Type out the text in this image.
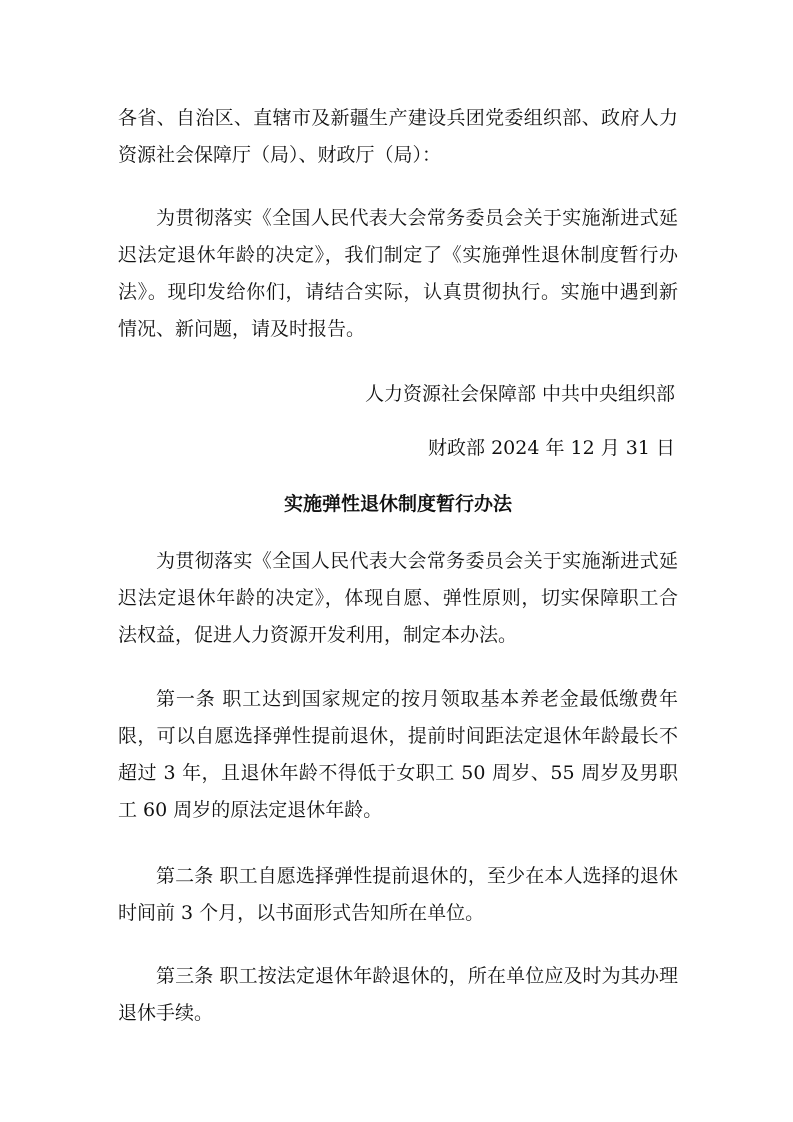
各省、自治区、直辖市及新疆生产建设兵团党委组织部、政府人力资源社会保障厅（局）、财政厅（局）：

为贯彻落实《全国人民代表大会常务委员会关于实施渐进式延迟法定退休年龄的决定》，我们制定了《实施弹性退休制度暂行办法》。现印发给你们，请结合实际，认真贯彻执行。实施中遇到新情况、新问题，请及时报告。

人力资源社会保障部 中共中央组织部

财政部 2024 年 12 月 31 日

实施弹性退休制度暂行办法

为贯彻落实《全国人民代表大会常务委员会关于实施渐进式延迟法定退休年龄的决定》，体现自愿、弹性原则，切实保障职工合法权益，促进人力资源开发利用，制定本办法。

第一条 职工达到国家规定的按月领取基本养老金最低缴费年限，可以自愿选择弹性提前退休，提前时间距法定退休年龄最长不超过 3 年，且退休年龄不得低于女职工 50 周岁、55 周岁及男职工 60 周岁的原法定退休年龄。

第二条 职工自愿选择弹性提前退休的，至少在本人选择的退休时间前 3 个月，以书面形式告知所在单位。

第三条 职工按法定退休年龄退休的，所在单位应及时为其办理退休手续。
